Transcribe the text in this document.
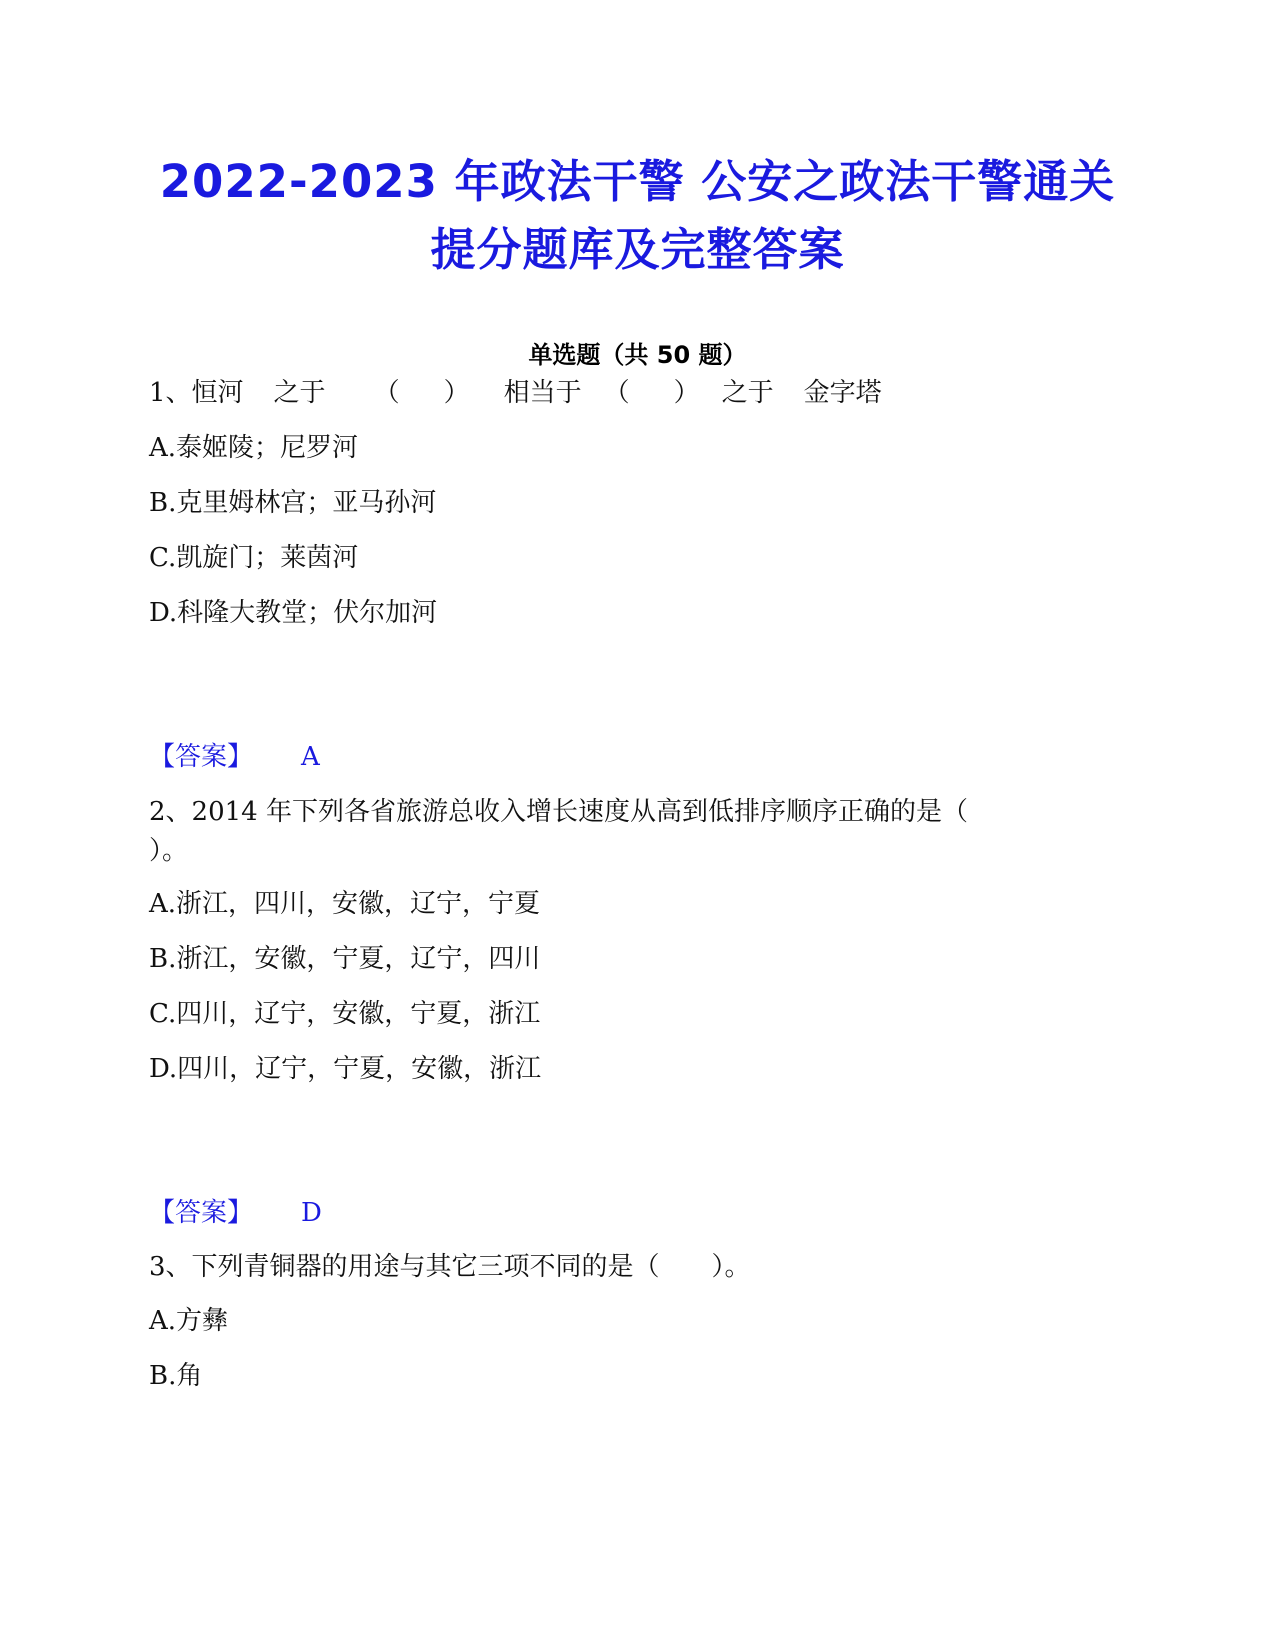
2022-2023 年政法干警 公安之政法干警通关
提分题库及完整答案
单选题（共 50 题）
1、恒河 之于 （ ） 相当于 （ ） 之于 金字塔
A.泰姬陵；尼罗河
B.克里姆林宫；亚马孙河
C.凯旋门；莱茵河
D.科隆大教堂；伏尔加河
【答案】 A
2、2014 年下列各省旅游总收入增长速度从高到低排序顺序正确的是（
）。
A.浙江，四川，安徽，辽宁，宁夏
B.浙江，安徽，宁夏，辽宁，四川
C.四川，辽宁，安徽，宁夏，浙江
D.四川，辽宁，宁夏，安徽，浙江
【答案】 D
3、下列青铜器的用途与其它三项不同的是（　　）。
A.方彝
B.角
